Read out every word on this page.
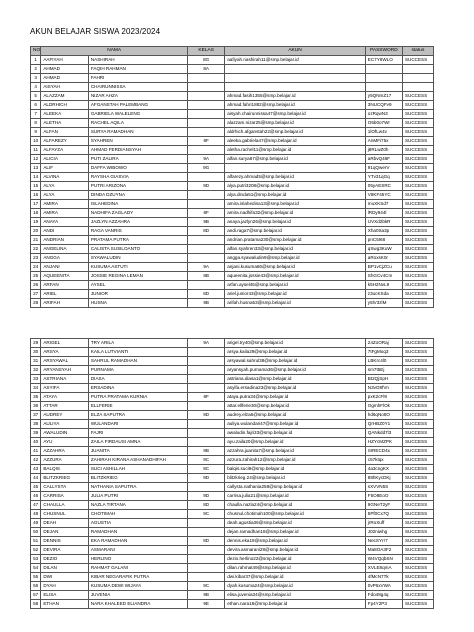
AKUN BELAJAR SISWA 2023/2024
NO	NAMA		KELAS	AKUN	PASSWORD	status
1	AAFIYAH	NASHIRAH	8G	aafiyah.nashirah11@smp.belajar.id	EC7Y6WLO	SUCCESS
2	AHMAD	FAQIH RAHMAN	8A			
3	AHMAD	FAHRI				
4	AISYAH	CHAIRUNNISSA				
5	ALAZZAM	NIZAR AHZA		ahmad.fasih1355@smp.belajar.id	y5QNmZ17	SUCCESS
6	ALDRHICH	AFGANSTAH PALEMBANG		ahmad.fahri1882@smp.belajar.id	3NUCQFv9	SUCCESS
7	ALEEKA	GABRIELA WALELENG		aisyah.chairunnissa47@smp.belajar.id	ozRqwN3	SUCCESS
8	ALETHA	RACHEL AQILA		alazzam.nizar25@smp.belajar.id	O5b0o7Wr	SUCCESS
9	ALFAN	SURYA RAMADHAN		aldrhich.afganstah22@smp.belajar.id	1lOfLw4v	SUCCESS
10	ALFAREZY	SYAHREN	8F	aleeka.gabriela47@smp.belajar.id	AnMFi75x	SUCCESS
11	ALFAYZA	AHMAD FERDIANSYAH		aletha.rachel11@smp.belajar.id	j8RLwZ0h	SUCCESS
12	ALICIA	PUTI ZALIRA	9A	alfan.surya67@smp.belajar.id	aRbvQ46F	SUCCESS
13	ALIF	DAFFA WIBOWO	9G		91qQwerV	SUCCESS
14	ALVINA	RAYSHA GIASVIA		alfarezy.ahmad5@smp.belajar.id	YTv31qGq	SUCCESS
15	ALYA	PUTRI ARIZONA	9D	alya.putri3208@smp.belajar.id	05yAESRC	SUCCESS
16	ALYA	DINDA DZUYNA		alya.dinda51@smp.belajar.id	V8KF45YC	SUCCESS
17	AMIRA	ISLAHEDINA		amira.islahedina13@smp.belajar.id	muXKSd7	SUCCESS
18	AMIRA	NADHIFA ZAGLADY	8F	amira.nadhifa32@smp.belajar.id	lRDy944l	SUCCESS
19	ANAYA	JAZLYN AZZAHRA	9B	anaya.jazlyn26@smp.belajar.id	UVXd2bkR	SUCCESS
20	ANDI	RAGA VANRIS	8D	andi.raga7@smp.belajar.id	Xha0Sa3p	SUCCESS
21	ANDRIAN	PRATAMA PUTRA		andrian.pratama230@smp.belajar.id	pnC5I68	SUCCESS
22	ANGELINA	CALISTA SUSILOANTO		alfan.syahren33@smp.belajar.id	qSwg3KuW	SUCCESS
23	ANGGA	SYAWALUDIN		angga.syawaludin9@smp.belajar.id	aRoxsK0r	SUCCESS
24	ANJANI	KUSUMA ASTUTI	9A	anjani.kusuma66@smp.belajar.id	BP1vCjZCu	SUCCESS
25	AQUEENITA	JOSSIE REGINA LEMAN	8B	aqueenita.jossie43@smp.belajar.id	ShGCv4Cm	SUCCESS
26	ARFAN	AYSEL		arfan.aysel45@smp.belajar.id	k5H2NvL9	SUCCESS
27	ARIEL	JUNIOR	8D	ariel.junior43@smp.belajar.id	z3ucKSda	SUCCESS
28	ARIFAH	HUSNA	9B	arifah.husna53@smp.belajar.id	y5lV3zlM	SUCCESS
29	ARIGEL	TRY ARILA	9A	arigel.try40@smp.belajar.id	24ZoORaj	SUCCESS
30	ARSYA	KAILA LUTVIANTI		arsya.kaila29@smp.belajar.id	7tFgMoq3	SUCCESS
31	ARSYAWAL	SAHRUL RAMADHAN		arsyawal.sahrul38@smp.belajar.id	LBKrc4l0	SUCCESS
32	ARYANSYAH	PURNAMA		aryansyah.purnama36@smp.belajar.id	sm7t5Ej	SUCCESS
33	ASTRIANA	DIASA		astriana.diasa1@smp.belajar.id	Bt2QjSpH	SUCCESS
34	ASYIFA	ERSADINA		asyifa.ersadina23@smp.belajar.id	N3vO8fVn	SUCCESS
35	ATAYA	PUTRA PRATAMA KURNIA	8F	ataya.putra34@smp.belajar.id	pxK2cFl9	SUCCESS
36	ATTAR	ELLFERIE		attar.ellferie30@smp.belajar.id	OgmhFlOk	SUCCESS
37	AUDREY	ELZA SAPUTRA	9D	audrey.elza6@smp.belajar.id	hd6qNo8O	SUCCESS
38	AULIYA	WULANDARI		auliya.wulandari47@smp.belajar.id	QrHBZ0Y1	SUCCESS
39	AWALUDIN	FAJRI		awaludin.fajri33@smp.belajar.id	QANkdd7l3	SUCCESS
40	AYU	ZAILA FIRDAUSI AMNA		ayu.zaila20@smp.belajar.id	HZYcMZPK	SUCCESS
41	AZZAHRA	JUANITA	8B	azzahra.juanita7@smp.belajar.id	SIRECD4x	SUCCESS
42	AZZURA	ZAHIRAH KIRANA ASHANADHIFAH	9C	azzura.zahirah12@smp.belajar.id	c57ktqx	SUCCESS
43	BALQIS	SUCI ASHILLAH	8C	balqis.suci9@smp.belajar.id	4a3cngKX	SUCCESS
44	BLITZKRIEG	BLITZKRIEG	9D	blitzkrieg.24@smp.belajar.id	88hKycDKj	SUCCESS
45	CALLYSTA	NATHANIA SAPUTRA		callysta.nathania258@smp.belajar.id	sXVVN5S	SUCCESS
46	CARRISA	JULIA PUTRI	9D	carrisa.julia21@smp.belajar.id	F5O8EoO	SUCCESS
47	CHAULLA	NAZLA TIRTANA	8D	chaulla.nazla24@smp.belajar.id	9GNeT2yF	SUCCESS
48	CHUSNUL	CHOTIMAH	9C	chusnul.chotimah100@smp.belajar.id	5Pf0Cx7Q	SUCCESS
49	DEAH	AGUSTIA		deah.agustia36@smp.belajar.id	jrRoXuff	SUCCESS
50	DEJAN	RAMADHAN		dejan.ramadhan18@smp.belajar.id	J02niwhg	SUCCESS
51	DENNIS	EKA RAMADHAN	8D	dennis.eka19@smp.belajar.id	NecSYrr7	SUCCESS
52	DEVIRA	ASMARANI		devira.asmarani28@smp.belajar.id	Ma8OA3F2	SUCCESS
53	DEZIO	HERLINO		dezio.herlino22@smp.belajar.id	W4VQqbSN	SUCCESS
54	DILAN	RAHMAT GALANI		dilan.rahmat49@smp.belajar.id	XVLE8qmA	SUCCESS
55	DWI	KIBAR NEGARAFIK PUTRA		dwi.kibar37@smp.belajar.id	4fMcN7Tk	SUCCESS
56	DYAH	KUSUMA DEWI WIJAYA	9C	dyah.kusuma24@smp.belajar.id	0vP6xVWA	SUCCESS
57	ELISA	JUVENIA	9B	elisa.juvenia34@smp.belajar.id	Fdo48g4q	SUCCESS
58	ETHAN	NARA KHALEED ELIANDRA	9E	ethan.nara16@smp.belajar.id	Fp4Y2P3	SUCCESS
